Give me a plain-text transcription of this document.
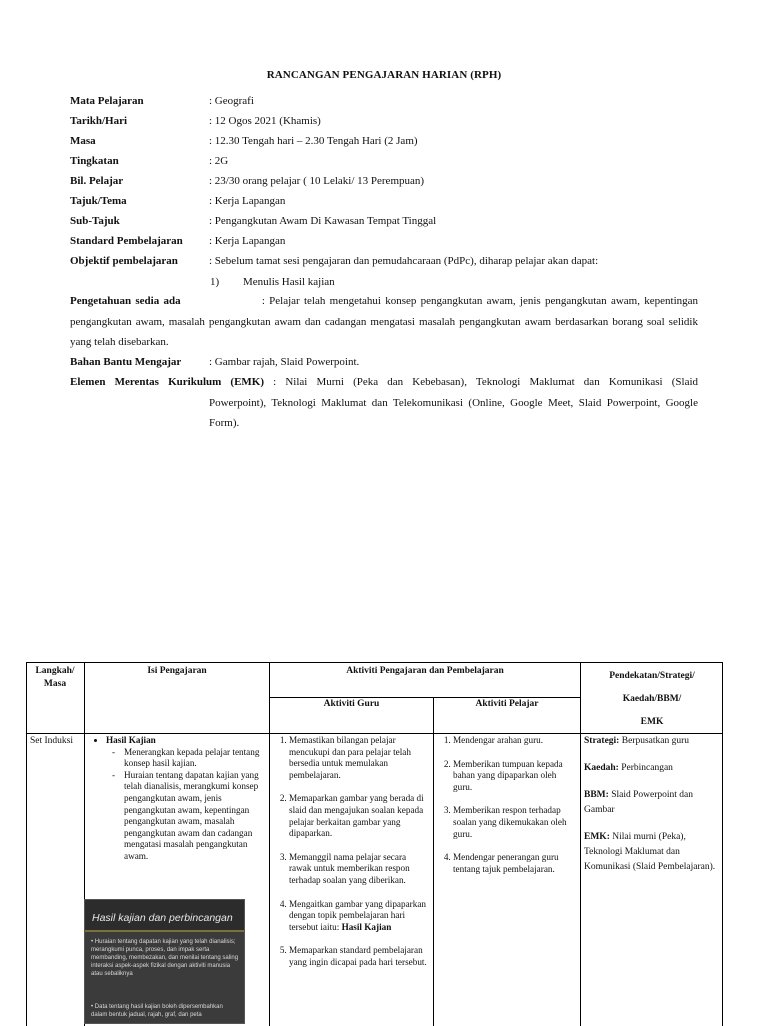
RANCANGAN PENGAJARAN HARIAN (RPH)
Mata Pelajaran	: Geografi
Tarikh/Hari	: 12 Ogos 2021 (Khamis)
Masa	: 12.30 Tengah hari – 2.30 Tengah Hari (2 Jam)
Tingkatan	: 2G
Bil. Pelajar	: 23/30 orang pelajar ( 10 Lelaki/ 13 Perempuan)
Tajuk/Tema	: Kerja Lapangan
Sub-Tajuk	: Pengangkutan Awam Di Kawasan Tempat Tinggal
Standard Pembelajaran : Kerja Lapangan
Objektif pembelajaran	: Sebelum tamat sesi pengajaran dan pemudahcaraan (PdPc), diharap pelajar akan dapat:
1) Menulis Hasil kajian
Pengetahuan sedia ada	: Pelajar telah mengetahui konsep pengangkutan awam, jenis pengangkutan awam, kepentingan pengangkutan awam, masalah pengangkutan awam dan cadangan mengatasi masalah pengangkutan awam berdasarkan borang soal selidik yang telah disebarkan.
Bahan Bantu Mengajar	: Gambar rajah, Slaid Powerpoint.
Elemen Merentas Kurikulum (EMK) : Nilai Murni (Peka dan Kebebasan), Teknologi Maklumat dan Komunikasi (Slaid
Powerpoint), Teknologi Maklumat dan Telekomunikasi (Online, Google Meet, Slaid Powerpoint, Google Form).
Langkah/ Masa
Isi Pengajaran	Aktiviti Pengajaran dan Pembelajaran
Aktiviti Guru	Aktiviti Pelajar
Pendekatan/Strategi/
Kaedah/BBM/
EMK
Set Induksi
•	Hasil Kajian
- Menerangkan kepada pelajar tentang konsep hasil kajian.
- Huraian tentang dapatan kajian yang telah dianalisis, merangkumi konsep pengangkutan awam, jenis pengangkutan awam, kepentingan pengangkutan awam, masalah pengangkutan awam dan cadangan mengatasi masalah pengangkutan awam.
1. Memastikan bilangan pelajar mencukupi dan para pelajar telah bersedia untuk memulakan pembelajaran.
2. Memaparkan gambar yang berada di slaid dan mengajukan soalan kepada pelajar berkaitan gambar yang dipaparkan.
3. Memanggil nama pelajar secara rawak untuk memberikan respon terhadap soalan yang diberikan.
4. Mengaitkan gambar yang dipaparkan dengan topik pembelajaran hari tersebut iaitu: Hasil Kajian
5. Memaparkan standard pembelajaran yang ingin dicapai pada hari tersebut.
1. Mendengar arahan guru.
2. Memberikan tumpuan kepada bahan yang dipaparkan oleh guru.
3. Memberikan respon terhadap soalan yang dikemukakan oleh guru.
4. Mendengar penerangan guru tentang tajuk pembelajaran.

Strategi: Berpusatkan guru

Kaedah: Perbincangan

BBM: Slaid Powerpoint dan Gambar

EMK: Nilai murni (Peka), Teknologi Maklumat dan Komunikasi (Slaid Pembelajaran).

Hasil kajian dan perbincangan
• Huraian tentang dapatan kajian yang telah dianalisis; merangkumi punca, proses, dan impak serta membanding, membezakan, dan menilai tentang saling interaksi aspek-aspek fizikal dengan aktiviti manusia atau sebaliknya
• Data tentang hasil kajian boleh dipersembahkan dalam bentuk jadual, rajah, graf, dan peta
